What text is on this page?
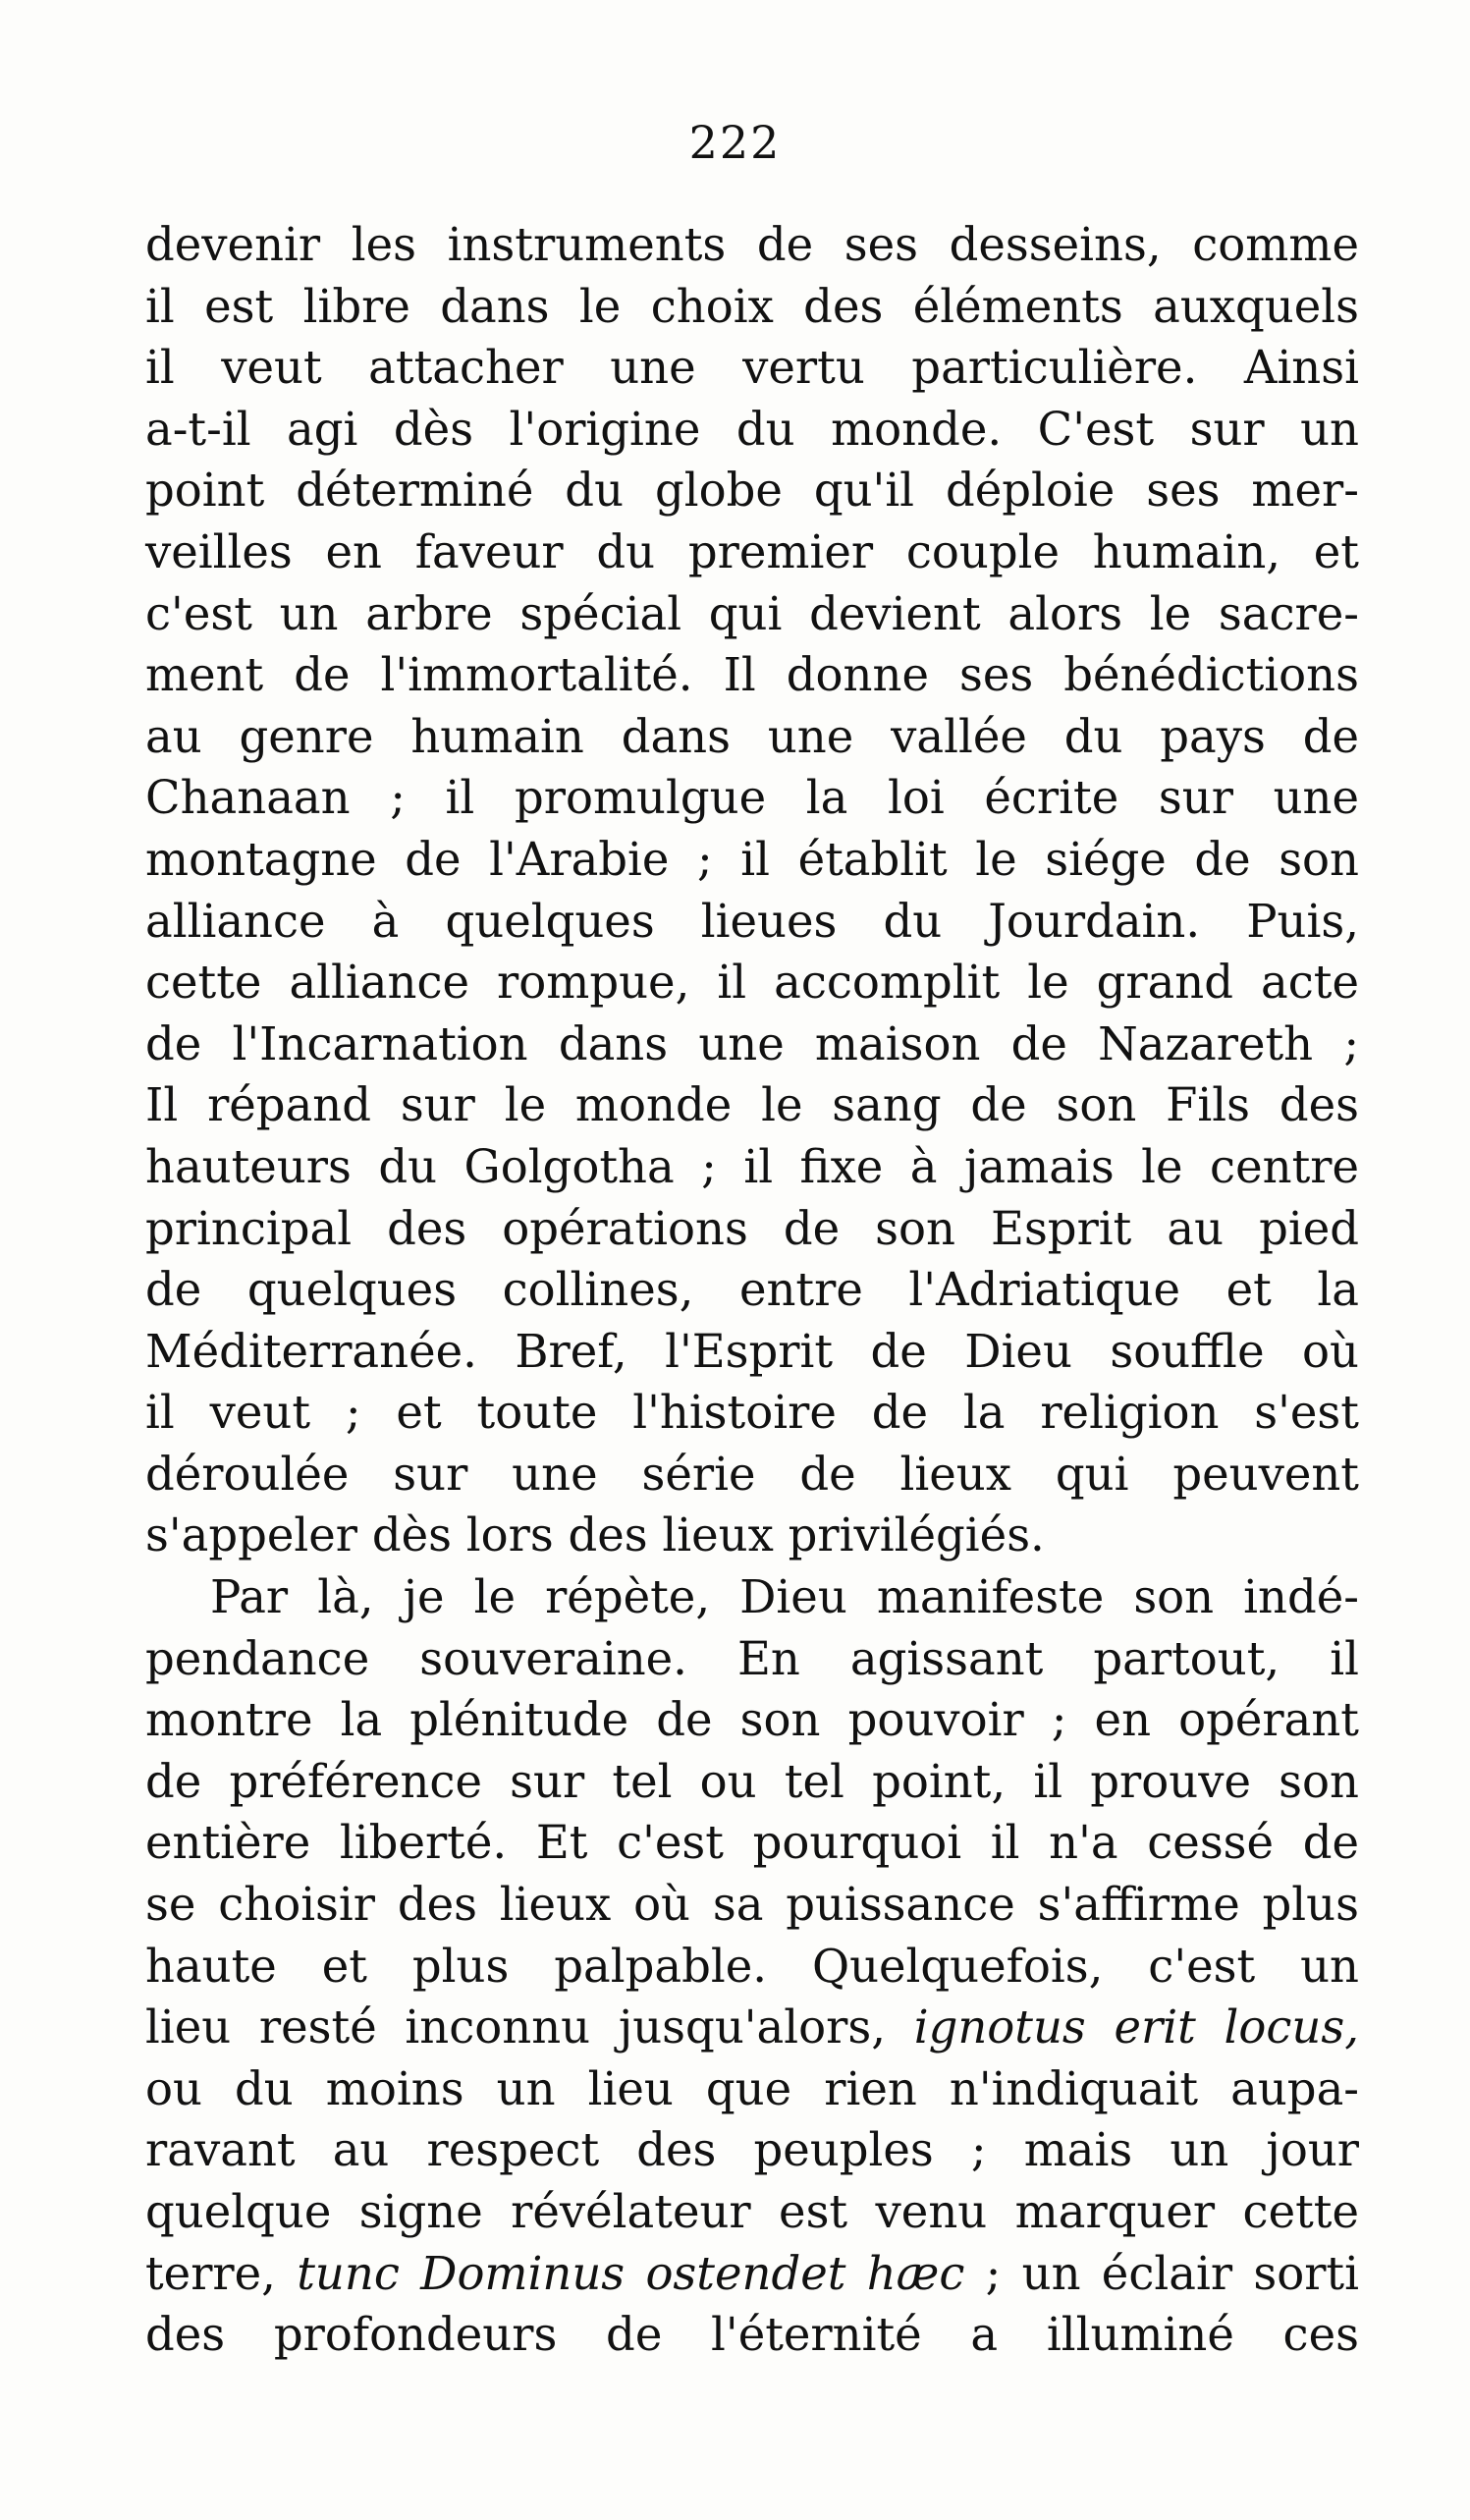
222
devenir les instruments de ses desseins, comme
il est libre dans le choix des éléments auxquels
il veut attacher une vertu particulière. Ainsi
a-t-il agi dès l'origine du monde. C'est sur un
point déterminé du globe qu'il déploie ses mer-
veilles en faveur du premier couple humain, et
c'est un arbre spécial qui devient alors le sacre-
ment de l'immortalité. Il donne ses bénédictions
au genre humain dans une vallée du pays de
Chanaan ; il promulgue la loi écrite sur une
montagne de l'Arabie ; il établit le siége de son
alliance à quelques lieues du Jourdain. Puis,
cette alliance rompue, il accomplit le grand acte
de l'Incarnation dans une maison de Nazareth ;
Il répand sur le monde le sang de son Fils des
hauteurs du Golgotha ; il fixe à jamais le centre
principal des opérations de son Esprit au pied
de quelques collines, entre l'Adriatique et la
Méditerranée. Bref, l'Esprit de Dieu souffle où
il veut ; et toute l'histoire de la religion s'est
déroulée sur une série de lieux qui peuvent
s'appeler dès lors des lieux privilégiés.
Par là, je le répète, Dieu manifeste son indé-
pendance souveraine. En agissant partout, il
montre la plénitude de son pouvoir ; en opérant
de préférence sur tel ou tel point, il prouve son
entière liberté. Et c'est pourquoi il n'a cessé de
se choisir des lieux où sa puissance s'affirme plus
haute et plus palpable. Quelquefois, c'est un
lieu resté inconnu jusqu'alors, ignotus erit locus,
ou du moins un lieu que rien n'indiquait aupa-
ravant au respect des peuples ; mais un jour
quelque signe révélateur est venu marquer cette
terre, tunc Dominus ostendet hæc ; un éclair sorti
des profondeurs de l'éternité a illuminé ces
